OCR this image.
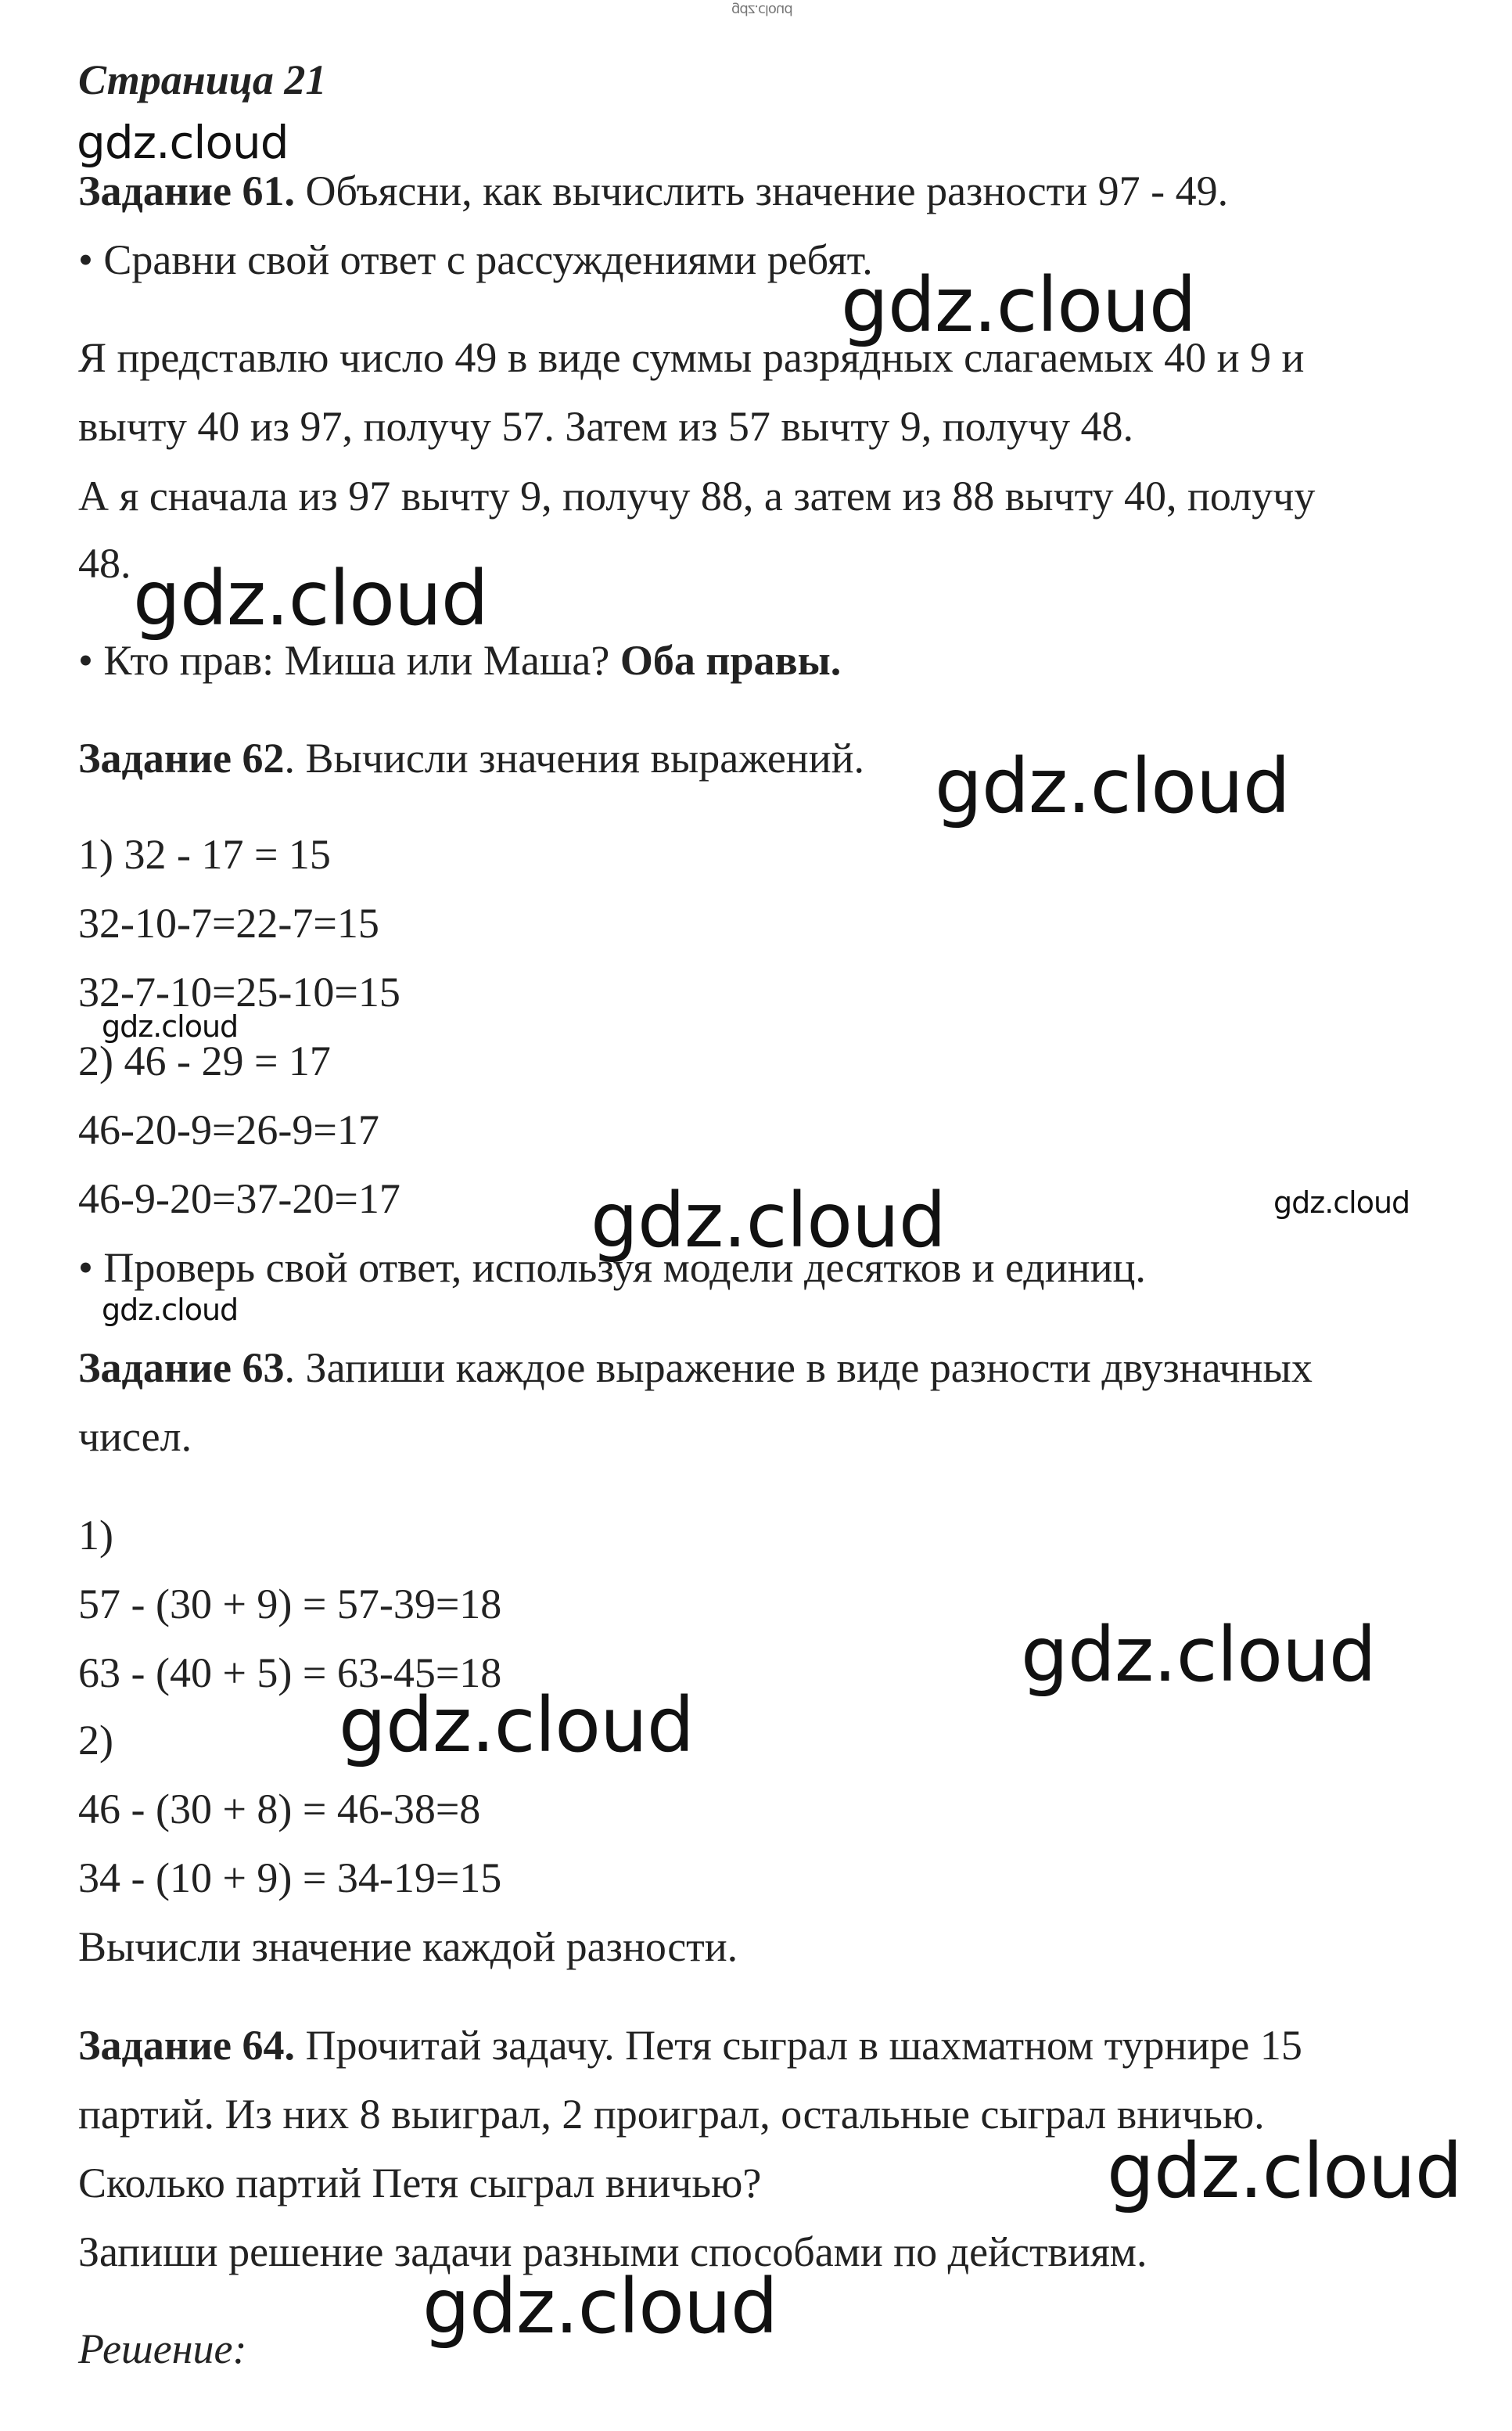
gdz.cloud

Страница 21

gdz.cloud

Задание 61. Объясни, как вычислить значение разности 97 - 49.

• Сравни свой ответ с рассуждениями ребят.

gdz.cloud

Я представлю число 49 в виде суммы разрядных слагаемых 40 и 9 и

вычту 40 из 97, получу 57. Затем из 57 вычту 9, получу 48.

А я сначала из 97 вычту 9, получу 88, а затем из 88 вычту 40, получу

48. gdz.cloud

• Кто прав: Миша или Маша? Оба правы.

Задание 62. Вычисли значения выражений. gdz.cloud

1) 32 - 17 = 15

32-10-7=22-7=15

32-7-10=25-10=15

gdz.cloud

2) 46 - 29 = 17

46-20-9=26-9=17

46-9-20=37-20=17	gdz.cloud

gdz.cloud

• Проверь свой ответ, используя модели десятков и единиц.

gdz.cloud

Задание 63. Запиши каждое выражение в виде разности двузначных

чисел.

1)

57 - (30 + 9) = 57-39=18

gdz.cloud

63 - (40 + 5) = 63-45=18

gdz.cloud

2)

46 - (30 + 8) = 46-38=8

34 - (10 + 9) = 34-19=15

Вычисли значение каждой разности.

Задание 64. Прочитай задачу. Петя сыграл в шахматном турнире 15

партий. Из них 8 выиграл, 2 проиграл, остальные сыграл вничью.

Сколько партий Петя сыграл вничью?	gdz.cloud

Запиши решение задачи разными способами по действиям.

gdz.cloud

Решение:
